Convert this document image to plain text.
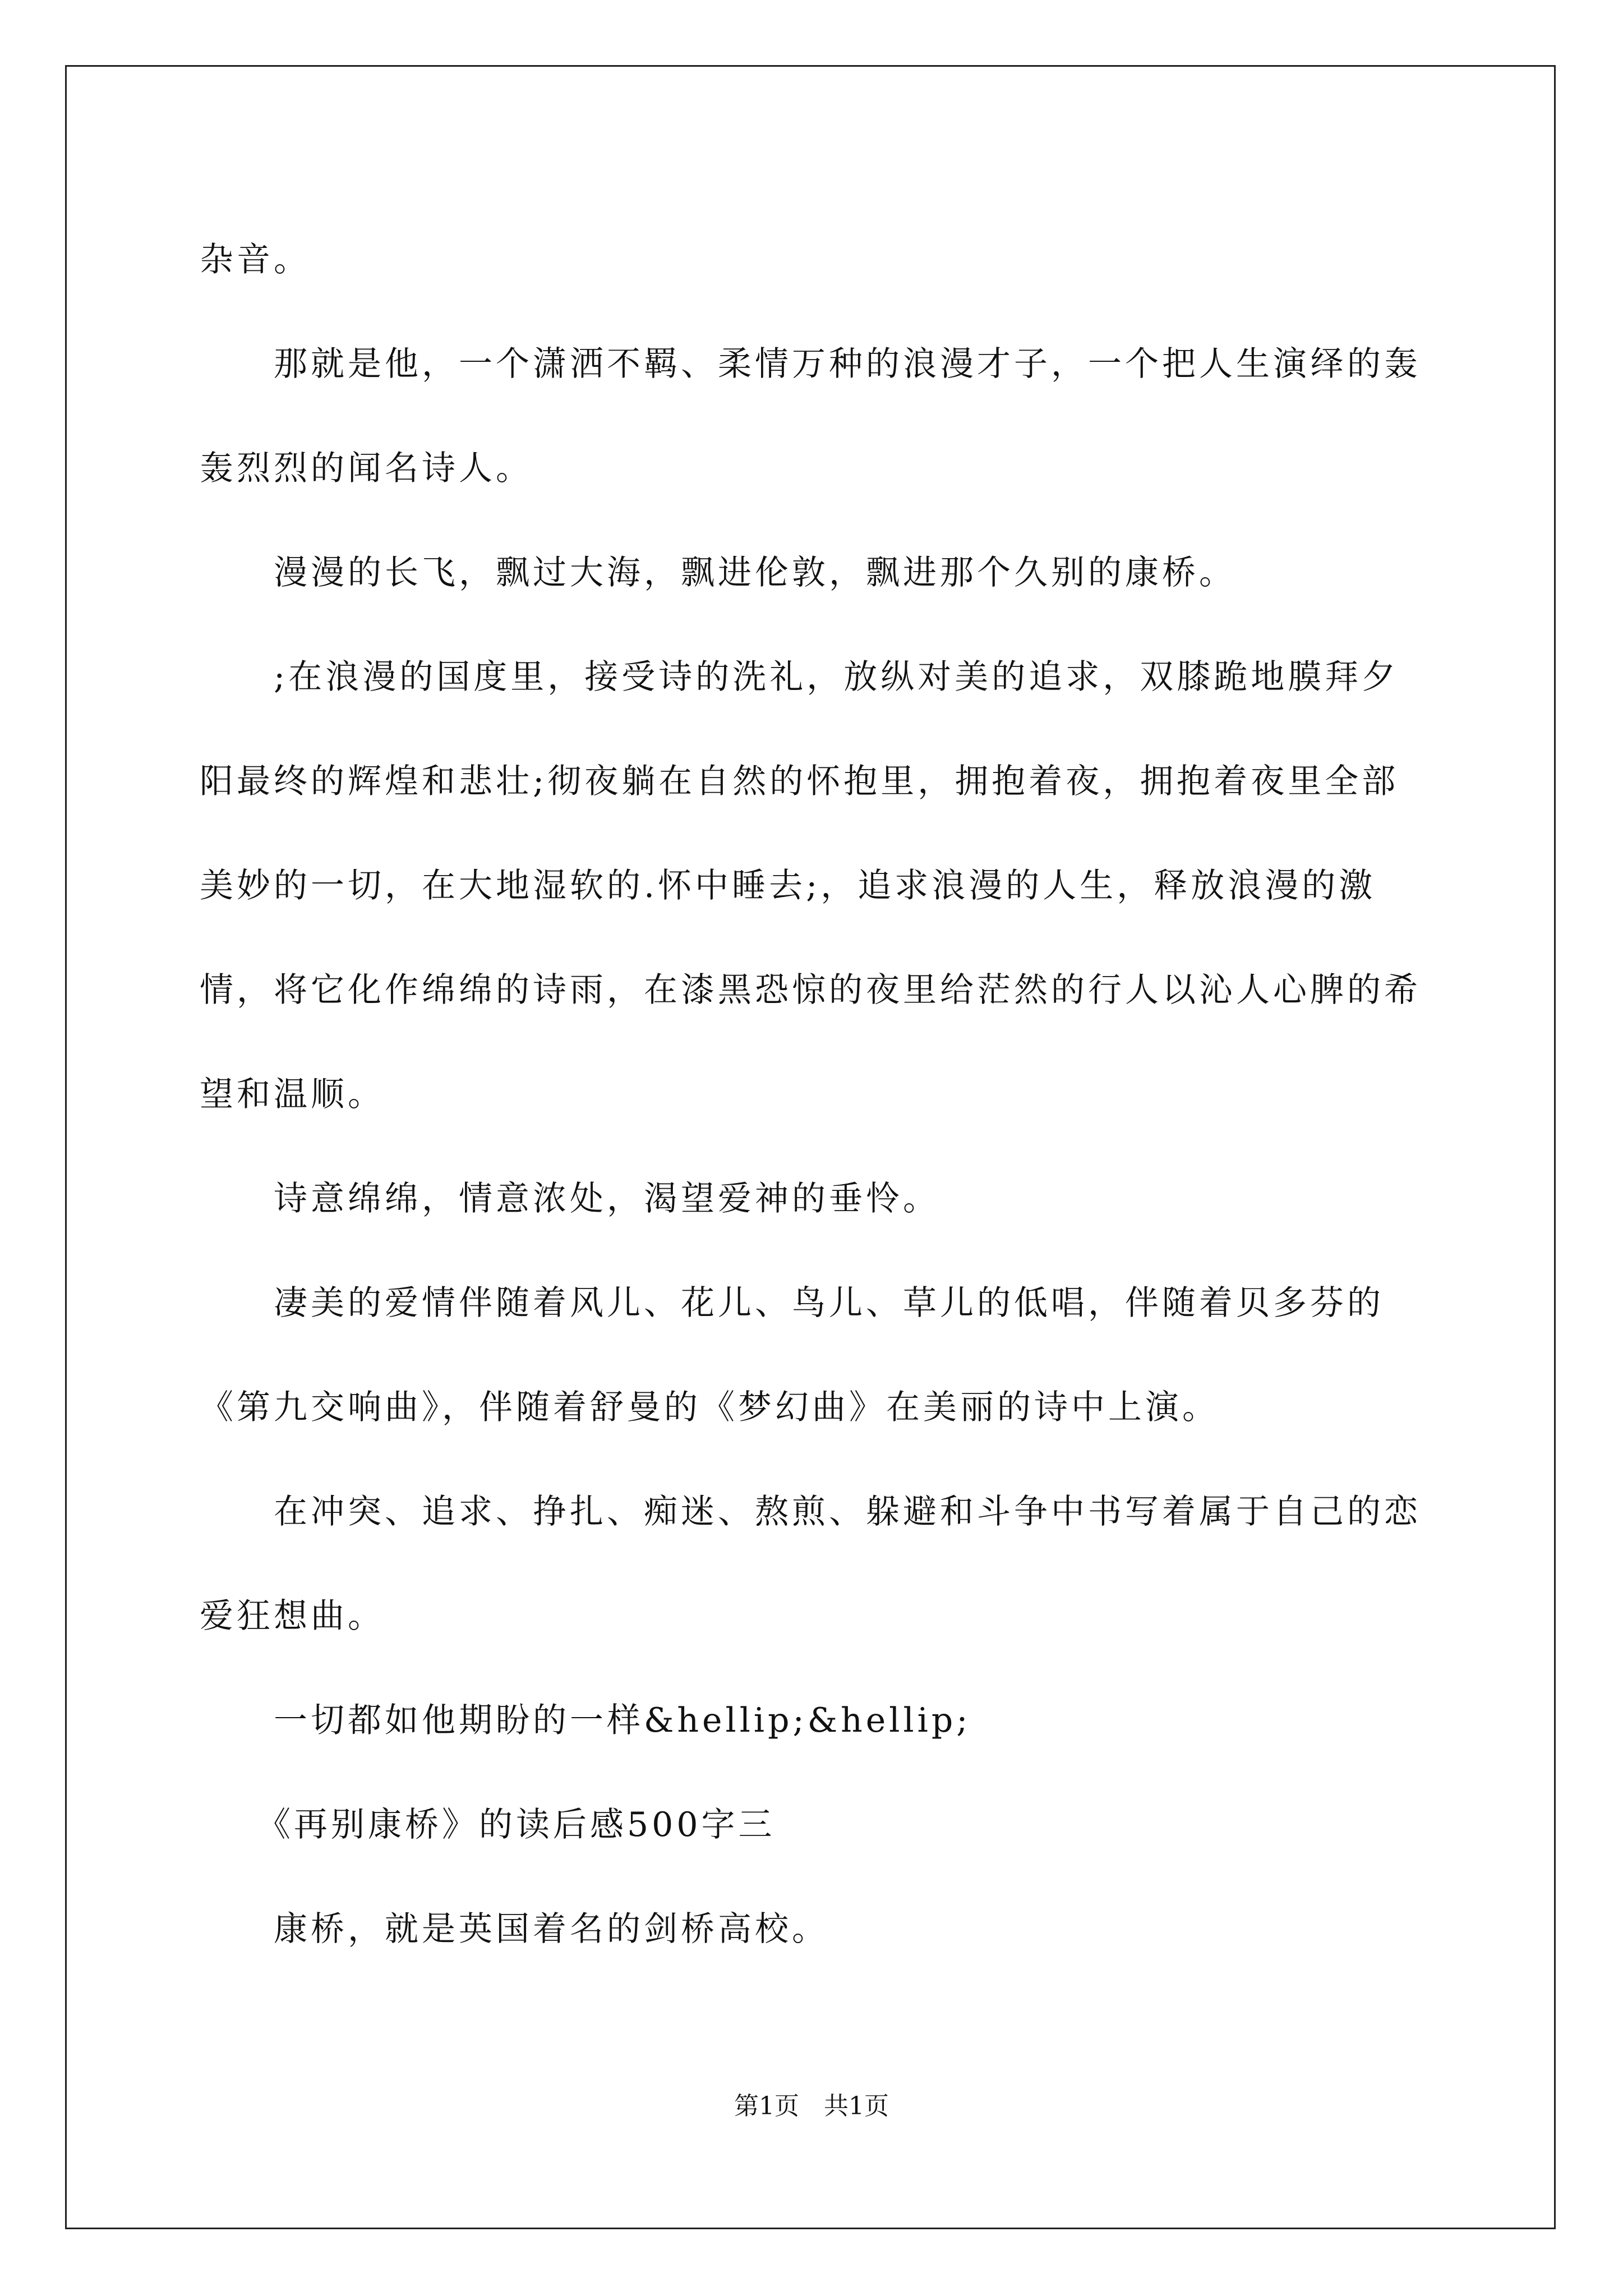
杂音。

　　那就是他，一个潇洒不羁、柔情万种的浪漫才子，一个把人生演绎的轰轰烈烈的闻名诗人。

　　漫漫的长飞，飘过大海，飘进伦敦，飘进那个久别的康桥。

　　;在浪漫的国度里，接受诗的洗礼，放纵对美的追求，双膝跪地膜拜夕阳最终的辉煌和悲壮;彻夜躺在自然的怀抱里，拥抱着夜，拥抱着夜里全部美妙的一切，在大地湿软的.怀中睡去;，追求浪漫的人生，释放浪漫的激情，将它化作绵绵的诗雨，在漆黑恐惊的夜里给茫然的行人以沁人心脾的希望和温顺。

　　诗意绵绵，情意浓处，渴望爱神的垂怜。

　　凄美的爱情伴随着风儿、花儿、鸟儿、草儿的低唱，伴随着贝多芬的《第九交响曲》，伴随着舒曼的《梦幻曲》在美丽的诗中上演。

　　在冲突、追求、挣扎、痴迷、熬煎、躲避和斗争中书写着属于自己的恋爱狂想曲。

　　一切都如他期盼的一样&hellip;&hellip;

　　《再别康桥》的读后感500字三

　　康桥，就是英国着名的剑桥高校。

第1页　共1页
